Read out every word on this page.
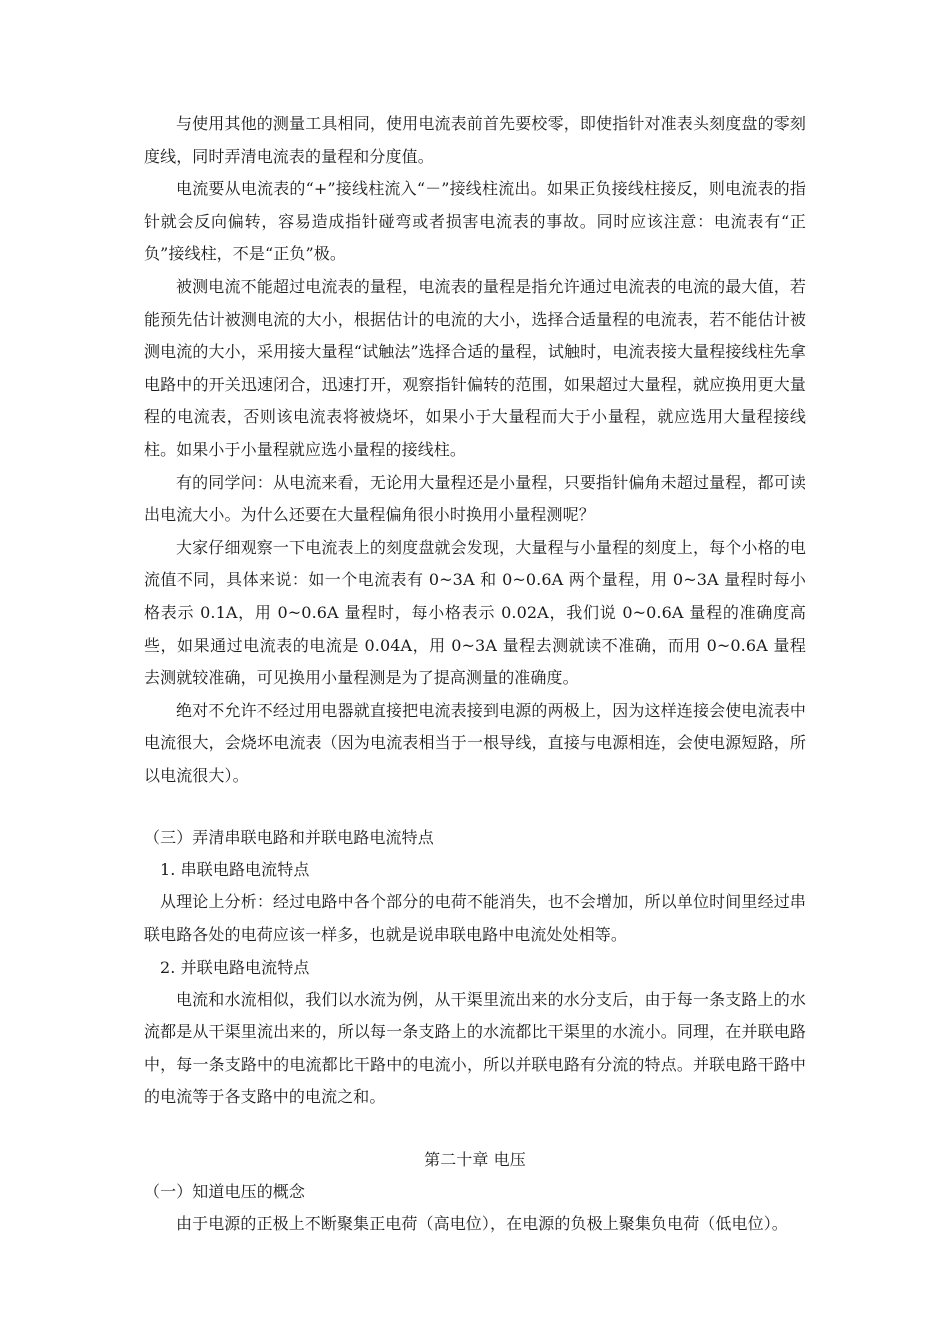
与使用其他的测量工具相同，使用电流表前首先要校零，即使指针对准表头刻度盘的零刻度线，同时弄清电流表的量程和分度值。

电流要从电流表的“+”接线柱流入“－”接线柱流出。如果正负接线柱接反，则电流表的指针就会反向偏转，容易造成指针碰弯或者损害电流表的事故。同时应该注意：电流表有“正负”接线柱，不是“正负”极。

被测电流不能超过电流表的量程，电流表的量程是指允许通过电流表的电流的最大值，若能预先估计被测电流的大小，根据估计的电流的大小，选择合适量程的电流表，若不能估计被测电流的大小，采用接大量程“试触法”选择合适的量程，试触时，电流表接大量程接线柱先拿电路中的开关迅速闭合，迅速打开，观察指针偏转的范围，如果超过大量程，就应换用更大量程的电流表，否则该电流表将被烧坏，如果小于大量程而大于小量程，就应选用大量程接线柱。如果小于小量程就应选小量程的接线柱。

有的同学问：从电流来看，无论用大量程还是小量程，只要指针偏角未超过量程，都可读出电流大小。为什么还要在大量程偏角很小时换用小量程测呢？

大家仔细观察一下电流表上的刻度盘就会发现，大量程与小量程的刻度上，每个小格的电流值不同，具体来说：如一个电流表有 0~3A 和 0~0.6A 两个量程，用 0~3A 量程时每小格表示 0.1A，用 0~0.6A 量程时，每小格表示 0.02A，我们说 0~0.6A 量程的准确度高些，如果通过电流表的电流是 0.04A，用 0~3A 量程去测就读不准确，而用 0~0.6A 量程去测就较准确，可见换用小量程测是为了提高测量的准确度。

绝对不允许不经过用电器就直接把电流表接到电源的两极上，因为这样连接会使电流表中电流很大，会烧坏电流表（因为电流表相当于一根导线，直接与电源相连，会使电源短路，所以电流很大）。

（三）弄清串联电路和并联电路电流特点

1. 串联电路电流特点

从理论上分析：经过电路中各个部分的电荷不能消失，也不会增加，所以单位时间里经过串联电路各处的电荷应该一样多，也就是说串联电路中电流处处相等。

2. 并联电路电流特点

电流和水流相似，我们以水流为例，从干渠里流出来的水分支后，由于每一条支路上的水流都是从干渠里流出来的，所以每一条支路上的水流都比干渠里的水流小。同理，在并联电路中，每一条支路中的电流都比干路中的电流小，所以并联电路有分流的特点。并联电路干路中的电流等于各支路中的电流之和。

第二十章 电压

（一）知道电压的概念

由于电源的正极上不断聚集正电荷（高电位），在电源的负极上聚集负电荷（低电位）。
